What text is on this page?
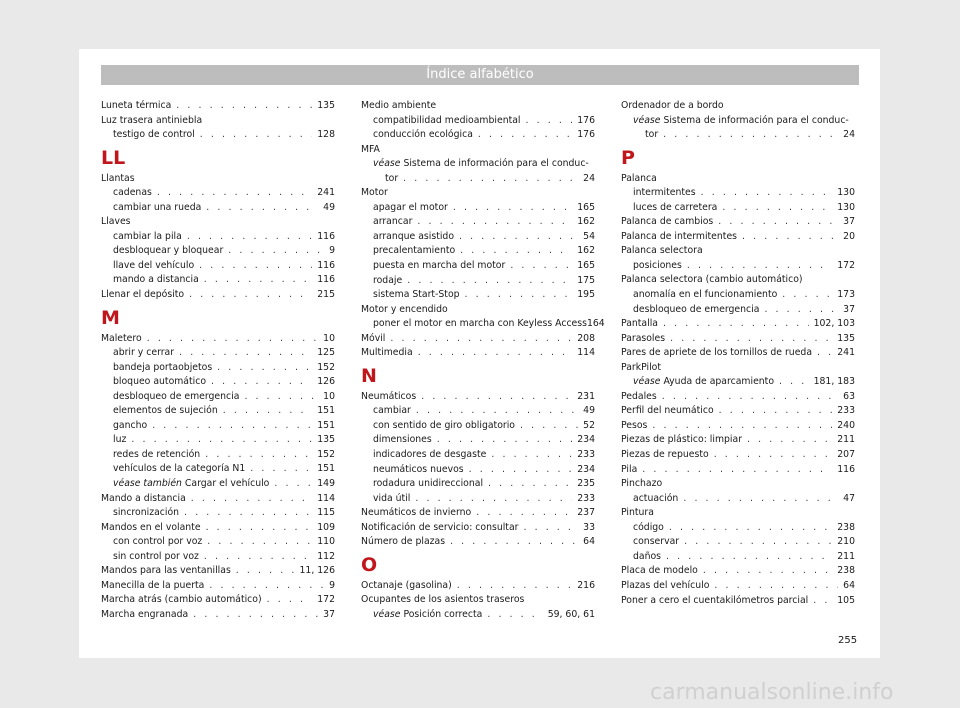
Índice alfabético
Luneta térmica . . .	135
Luz trasera antiniebla
testigo de control . . .	128
LL
Llantas
cadenas . . .	241
cambiar una rueda . . .	49
Llaves
cambiar la pila . . .	116
desbloquear y bloquear . . .	9
llave del vehículo . . .	116
mando a distancia . . .	116
Llenar el depósito . . .	215
M
Maletero . . .	10
abrir y cerrar . . .	125
bandeja portaobjetos . . .	152
bloqueo automático . . .	126
desbloqueo de emergencia . . .	10
elementos de sujeción . . .	151
gancho . . .	151
luz . . .	135
redes de retención . . .	152
vehículos de la categoría N1 . . .	151
véase también Cargar el vehículo . . .	149
Mando a distancia . . .	114
sincronización . . .	115
Mandos en el volante . . .	109
con control por voz . . .	110
sin control por voz . . .	112
Mandos para las ventanillas . . .	11, 126
Manecilla de la puerta . . .	9
Marcha atrás (cambio automático) . . .	172
Marcha engranada . . .	37
Medio ambiente
compatibilidad medioambiental . . .	176
conducción ecológica . . .	176
MFA
véase Sistema de información para el conduc-
tor . . .	24
Motor
apagar el motor . . .	165
arrancar . . .	162
arranque asistido . . .	54
precalentamiento . . .	162
puesta en marcha del motor . . .	165
rodaje . . .	175
sistema Start-Stop . . .	195
Motor y encendido
poner el motor en marcha con Keyless Access 164
Móvil . . .	208
Multimedia . . .	114
N
Neumáticos . . .	231
cambiar . . .	49
con sentido de giro obligatorio . . .	52
dimensiones . . .	234
indicadores de desgaste . . .	233
neumáticos nuevos . . .	234
rodadura unidireccional . . .	235
vida útil . . .	233
Neumáticos de invierno . . .	237
Notificación de servicio: consultar . . .	33
Número de plazas . . .	64
O
Octanaje (gasolina) . . .	216
Ocupantes de los asientos traseros
véase Posición correcta . . .	59, 60, 61
Ordenador de a bordo
véase Sistema de información para el conduc-
tor . . .	24
P
Palanca
intermitentes . . .	130
luces de carretera . . .	130
Palanca de cambios . . .	37
Palanca de intermitentes . . .	20
Palanca selectora
posiciones . . .	172
Palanca selectora (cambio automático)
anomalía en el funcionamiento . . .	173
desbloqueo de emergencia . . .	37
Pantalla . . .	102, 103
Parasoles . . .	135
Pares de apriete de los tornillos de rueda . . .	241
ParkPilot
véase Ayuda de aparcamiento . . .	181, 183
Pedales . . .	63
Perfil del neumático . . .	233
Pesos . . .	240
Piezas de plástico: limpiar . . .	211
Piezas de repuesto . . .	207
Pila . . .	116
Pinchazo
actuación . . .	47
Pintura
código . . .	238
conservar . . .	210
daños . . .	211
Placa de modelo . . .	238
Plazas del vehículo . . .	64
Poner a cero el cuentakilómetros parcial . . .	105
255
carmanualsonline.info
